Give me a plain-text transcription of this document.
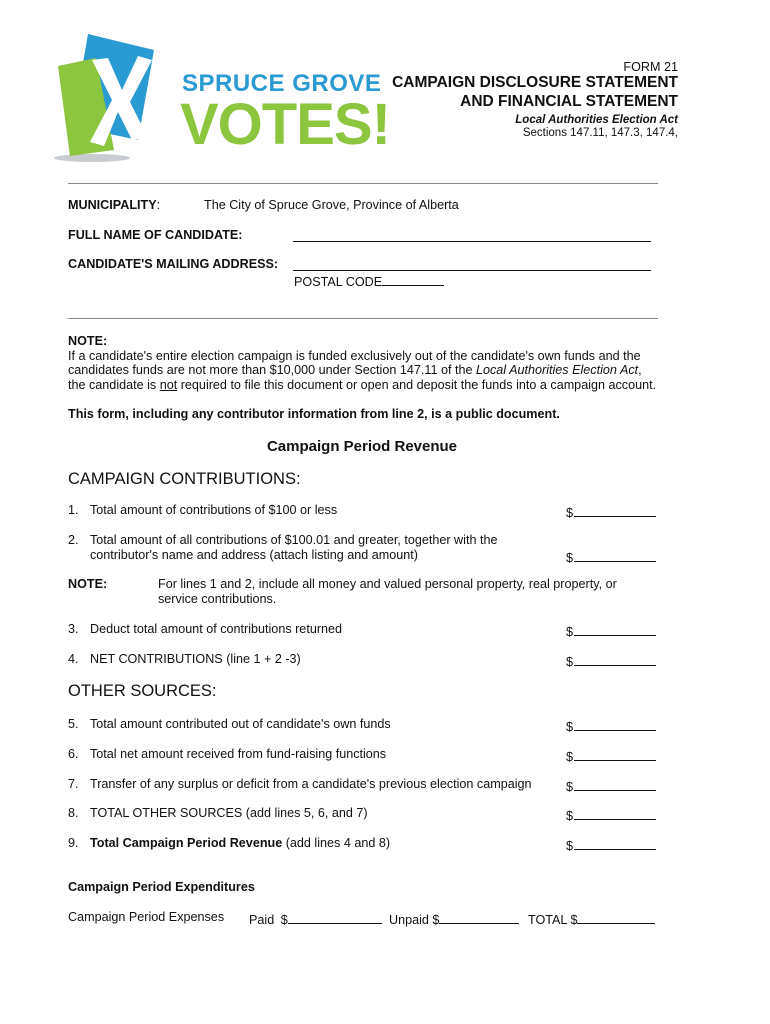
SPRUCE GROVE
VOTES!
FORM 21
CAMPAIGN DISCLOSURE STATEMENT
AND FINANCIAL STATEMENT
Local Authorities Election Act
Sections 147.11, 147.3, 147.4,
MUNICIPALITY:	The City of Spruce Grove, Province of Alberta
FULL NAME OF CANDIDATE:
CANDIDATE'S MAILING ADDRESS:
POSTAL CODE
NOTE:
If a candidate's entire election campaign is funded exclusively out of the candidate's own funds and the
candidates funds are not more than $10,000 under Section 147.11 of the Local Authorities Election Act,
the candidate is not required to file this document or open and deposit the funds into a campaign account.
This form, including any contributor information from line 2, is a public document.
Campaign Period Revenue
CAMPAIGN CONTRIBUTIONS:
1. Total amount of contributions of $100 or less	$
2. Total amount of all contributions of $100.01 and greater, together with the
contributor's name and address (attach listing and amount)	$
NOTE:	For lines 1 and 2, include all money and valued personal property, real property, or
service contributions.
3. Deduct total amount of contributions returned	$
4. NET CONTRIBUTIONS (line 1 + 2 -3)	$
OTHER SOURCES:
5. Total amount contributed out of candidate's own funds	$
6. Total net amount received from fund-raising functions	$
7. Transfer of any surplus or deficit from a candidate's previous election campaign	$
8. TOTAL OTHER SOURCES (add lines 5, 6, and 7)	$
9. Total Campaign Period Revenue (add lines 4 and 8)	$
Campaign Period Expenditures
Campaign Period Expenses Paid $	Unpaid $	TOTAL $
